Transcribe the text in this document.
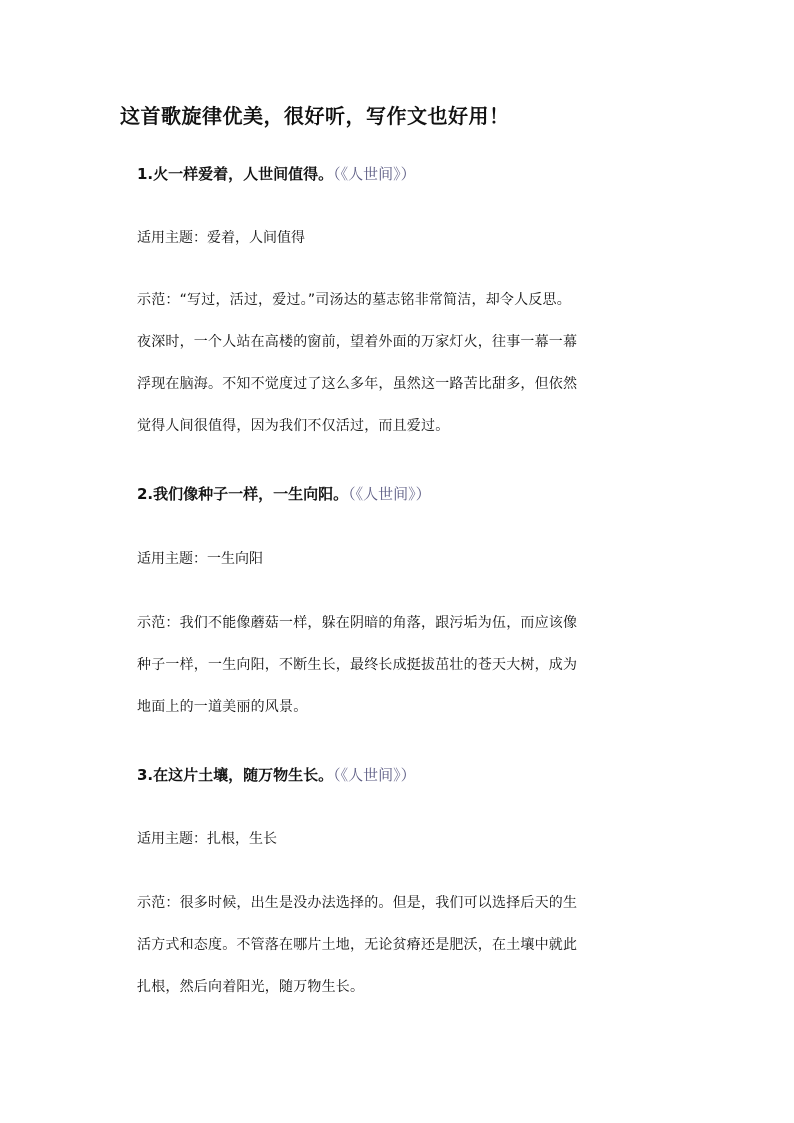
这首歌旋律优美，很好听，写作文也好用！
1.火一样爱着，人世间值得。（《人世间》）
适用主题：爱着，人间值得
示范：“写过，活过，爱过。”司汤达的墓志铭非常简洁，却令人反思。
夜深时，一个人站在高楼的窗前，望着外面的万家灯火，往事一幕一幕
浮现在脑海。不知不觉度过了这么多年，虽然这一路苦比甜多，但依然
觉得人间很值得，因为我们不仅活过，而且爱过。
2.我们像种子一样，一生向阳。（《人世间》）
适用主题：一生向阳
示范：我们不能像蘑菇一样，躲在阴暗的角落，跟污垢为伍，而应该像
种子一样，一生向阳，不断生长，最终长成挺拔茁壮的苍天大树，成为
地面上的一道美丽的风景。
3.在这片土壤，随万物生长。（《人世间》）
适用主题：扎根，生长
示范：很多时候，出生是没办法选择的。但是，我们可以选择后天的生
活方式和态度。不管落在哪片土地，无论贫瘠还是肥沃，在土壤中就此
扎根，然后向着阳光，随万物生长。
